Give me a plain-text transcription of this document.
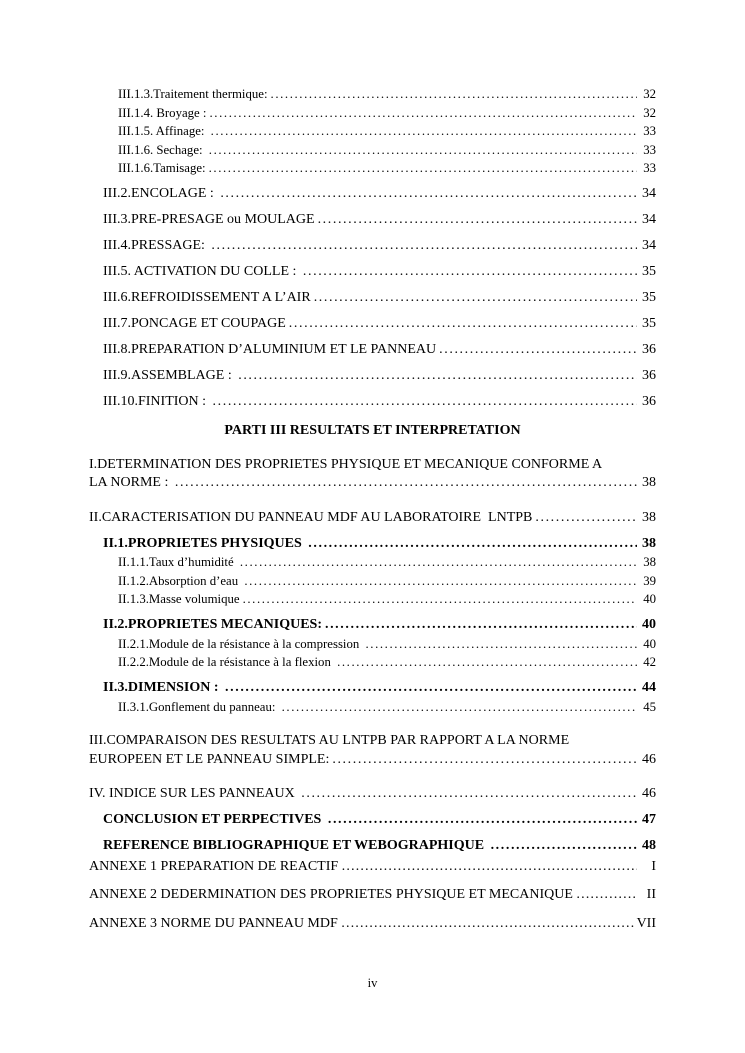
III.1.3.Traitement thermique: .....	32
III.1.4. Broyage : .....	32
III.1.5. Affinage: .....	33
III.1.6. Sechage: .....	33
III.1.6.Tamisage: .....	33
III.2.ENCOLAGE : .....	34
III.3.PRE-PRESAGE ou MOULAGE .....	34
III.4.PRESSAGE: .....	34
III.5. ACTIVATION DU COLLE : .....	35
III.6.REFROIDISSEMENT A L’AIR .....	35
III.7.PONCAGE ET COUPAGE .....	35
III.8.PREPARATION D’ALUMINIUM ET LE PANNEAU .....	36
III.9.ASSEMBLAGE : .....	36
III.10.FINITION : .....	36
PARTI III RESULTATS ET INTERPRETATION
I.DETERMINATION DES PROPRIETES PHYSIQUE ET MECANIQUE CONFORME A
LA NORME : .....	38
II.CARACTERISATION DU PANNEAU MDF AU LABORATOIRE  LNTPB .....	38
II.1.PROPRIETES PHYSIQUES .....	38
II.1.1.Taux d’humidité .....	38
II.1.2.Absorption d’eau .....	39
II.1.3.Masse volumique .....	40
II.2.PROPRIETES MECANIQUES: .....	40
II.2.1.Module de la résistance à la compression .....	40
II.2.2.Module de la résistance à la flexion .....	42
II.3.DIMENSION : .....	44
II.3.1.Gonflement du panneau: .....	45
III.COMPARAISON DES RESULTATS AU LNTPB PAR RAPPORT A LA NORME
EUROPEEN ET LE PANNEAU SIMPLE: .....	46
IV. INDICE SUR LES PANNEAUX .....	46
CONCLUSION ET PERPECTIVES .....	47
REFERENCE BIBLIOGRAPHIQUE ET WEBOGRAPHIQUE .....	48
ANNEXE 1 PREPARATION DE REACTIF ……………………………………………………………………………………………………………………	I
ANNEXE 2 DEDERMINATION DES PROPRIETES PHYSIQUE ET MECANIQUE ……………………………………………………………………………………………………………………	II
ANNEXE 3 NORME DU PANNEAU MDF ……………………………………………………………………………………………………………………	VII
iv
